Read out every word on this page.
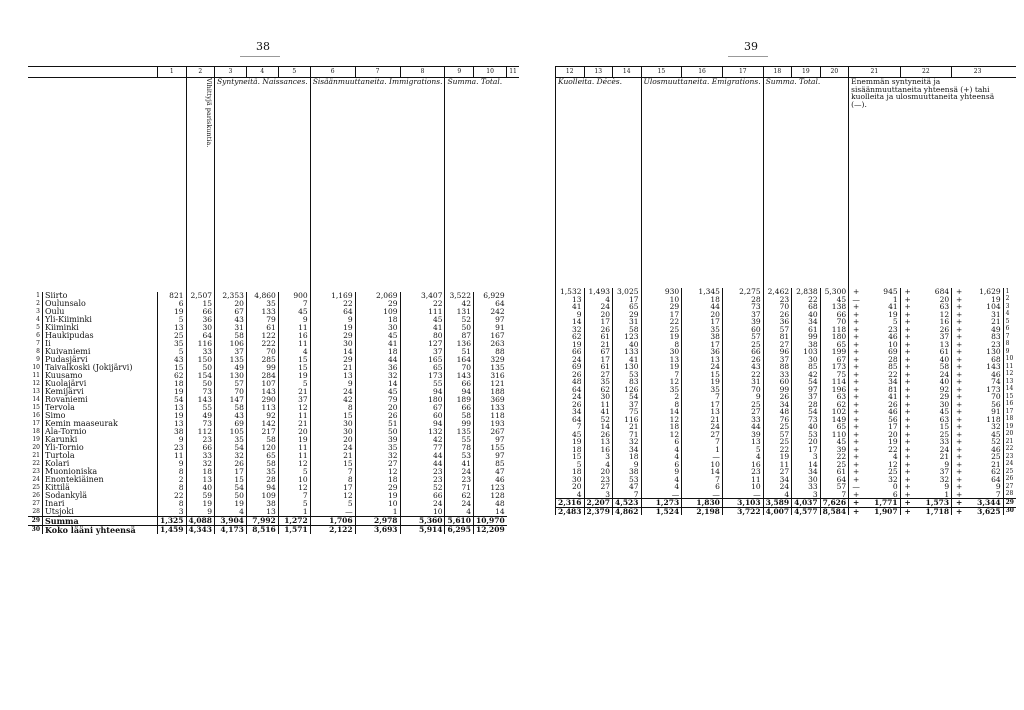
38	39
		1	2	3	4	5	6	7	8	9	10	11
			Vihittyjä pariskuntia.	Syntyneitä. Naissances.			Sisäänmuuttaneita. Immigrations.			Summa. Total.		
1	Siirto	821	2,507	2,353	4,860	900	1,169	2,069	3,407	3,522	6,929	
2	Oulunsalo	6	15	20	35	7	22	29	22	42	64	
3	Oulu	19	66	67	133	45	64	109	111	131	242	
4	Yli-Kiiminki	5	36	43	79	9	9	18	45	52	97	
5	Kiiminki	13	30	31	61	11	19	30	41	50	91	
6	Haukipudas	25	64	58	122	16	29	45	80	87	167	
7	Ii	35	116	106	222	11	30	41	127	136	263	
8	Kuivaniemi	5	33	37	70	4	14	18	37	51	88	
9	Pudasjärvi	43	150	135	285	15	29	44	165	164	329	
10	Taivalkoski (Jokijärvi)	15	50	49	99	15	21	36	65	70	135	
11	Kuusamo	62	154	130	284	19	13	32	173	143	316	
12	Kuolajärvi	18	50	57	107	5	9	14	55	66	121	
13	Kemijärvi	19	73	70	143	21	24	45	94	94	188	
14	Rovaniemi	54	143	147	290	37	42	79	180	189	369	
15	Tervola	13	55	58	113	12	8	20	67	66	133	
16	Simo	19	49	43	92	11	15	26	60	58	118	
17	Kemin maaseurak	13	73	69	142	21	30	51	94	99	193	
18	Ala-Tornio	38	112	105	217	20	30	50	132	135	267	
19	Karunki	9	23	35	58	19	20	39	42	55	97	
20	Yli-Tornio	23	66	54	120	11	24	35	77	78	155	
21	Turtola	11	33	32	65	11	21	32	44	53	97	
22	Kolari	9	32	26	58	12	15	27	44	41	85	
23	Muonioniska	8	18	17	35	5	7	12	23	24	47	
24	Enontekiäinen	2	13	15	28	10	8	18	23	23	46	
25	Kittilä	8	40	54	94	12	17	29	52	71	123	
26	Sodankylä	22	59	50	109	7	12	19	66	62	128	
27	Inari	8	19	19	38	5	5	10	24	24	48	
28	Utsjoki	3	9	4	13	1	—	1	10	4	14	
29	Summa	1,325	4,088	3,904	7,992	1,272	1,706	2,978	5,360	5,610	10,970	
30	Koko lääni yhteensä	1,459	4,343	4,173	8,516	1,571	2,122	3,693	5,914	6,295	12,209	
12	13	14	15	16	17	18	19	20	21		22		23		
Kuolleita. Décès.			Ulosmuuttaneita. Emigrations.			Summa. Total.			Enemmän syntyneitä ja sisäänmuuttaneita yhteensä (+) tahi kuolleita ja ulosmuuttaneita yhteensä (—).						
1,532	1,493	3,025	930	1,345	2,275	2,462	2,838	5,300	+	945	+	684	+	1,629	1
13	4	17	10	18	28	23	22	45	—	1	+	20	+	19	2
41	24	65	29	44	73	70	68	138	+	41	+	63	+	104	3
9	20	29	17	20	37	26	40	66	+	19	+	12	+	31	4
14	17	31	22	17	39	36	34	70	+	5	+	16	+	21	5
32	26	58	25	35	60	57	61	118	+	23	+	26	+	49	6
62	61	123	19	38	57	81	99	180	+	46	+	37	+	83	7
19	21	40	8	17	25	27	38	65	+	10	+	13	+	23	8
66	67	133	30	36	66	96	103	199	+	69	+	61	+	130	9
24	17	41	13	13	26	37	30	67	+	28	+	40	+	68	10
69	61	130	19	24	43	88	85	173	+	85	+	58	+	143	11
26	27	53	7	15	22	33	42	75	+	22	+	24	+	46	12
48	35	83	12	19	31	60	54	114	+	34	+	40	+	74	13
64	62	126	35	35	70	99	97	196	+	81	+	92	+	173	14
24	30	54	2	7	9	26	37	63	+	41	+	29	+	70	15
26	11	37	8	17	25	34	28	62	+	26	+	30	+	56	16
34	41	75	14	13	27	48	54	102	+	46	+	45	+	91	17
64	52	116	12	21	33	76	73	149	+	56	+	63	+	118	18
7	14	21	18	24	44	25	40	65	+	17	+	15	+	32	19
45	26	71	12	27	39	57	53	110	+	20	+	25	+	45	20
19	13	32	6	7	13	25	20	45	+	19	+	33	+	52	21
18	16	34	4	1	5	22	17	39	+	22	+	24	+	46	22
15	3	18	4	—	4	19	3	22	+	4	+	21	+	25	23
5	4	9	6	10	16	11	14	25	+	12	+	9	+	21	24
18	20	38	9	14	23	27	34	61	+	25	+	37	+	62	25
30	23	53	4	7	11	34	30	64	+	32	+	32	+	64	26
20	27	47	4	6	10	24	33	57	—	0	+	9	+	9	27
4	3	7	—	—	—	4	3	7	+	6	+	1	+	7	28
2,316	2,207	4,523	1,273	1,830	3,103	3,589	4,037	7,626	+	1,771	+	1,573	+	3,344	29
2,483	2,379	4,862	1,524	2,198	3,722	4,007	4,577	8,584	+	1,907	+	1,718	+	3,625	30
